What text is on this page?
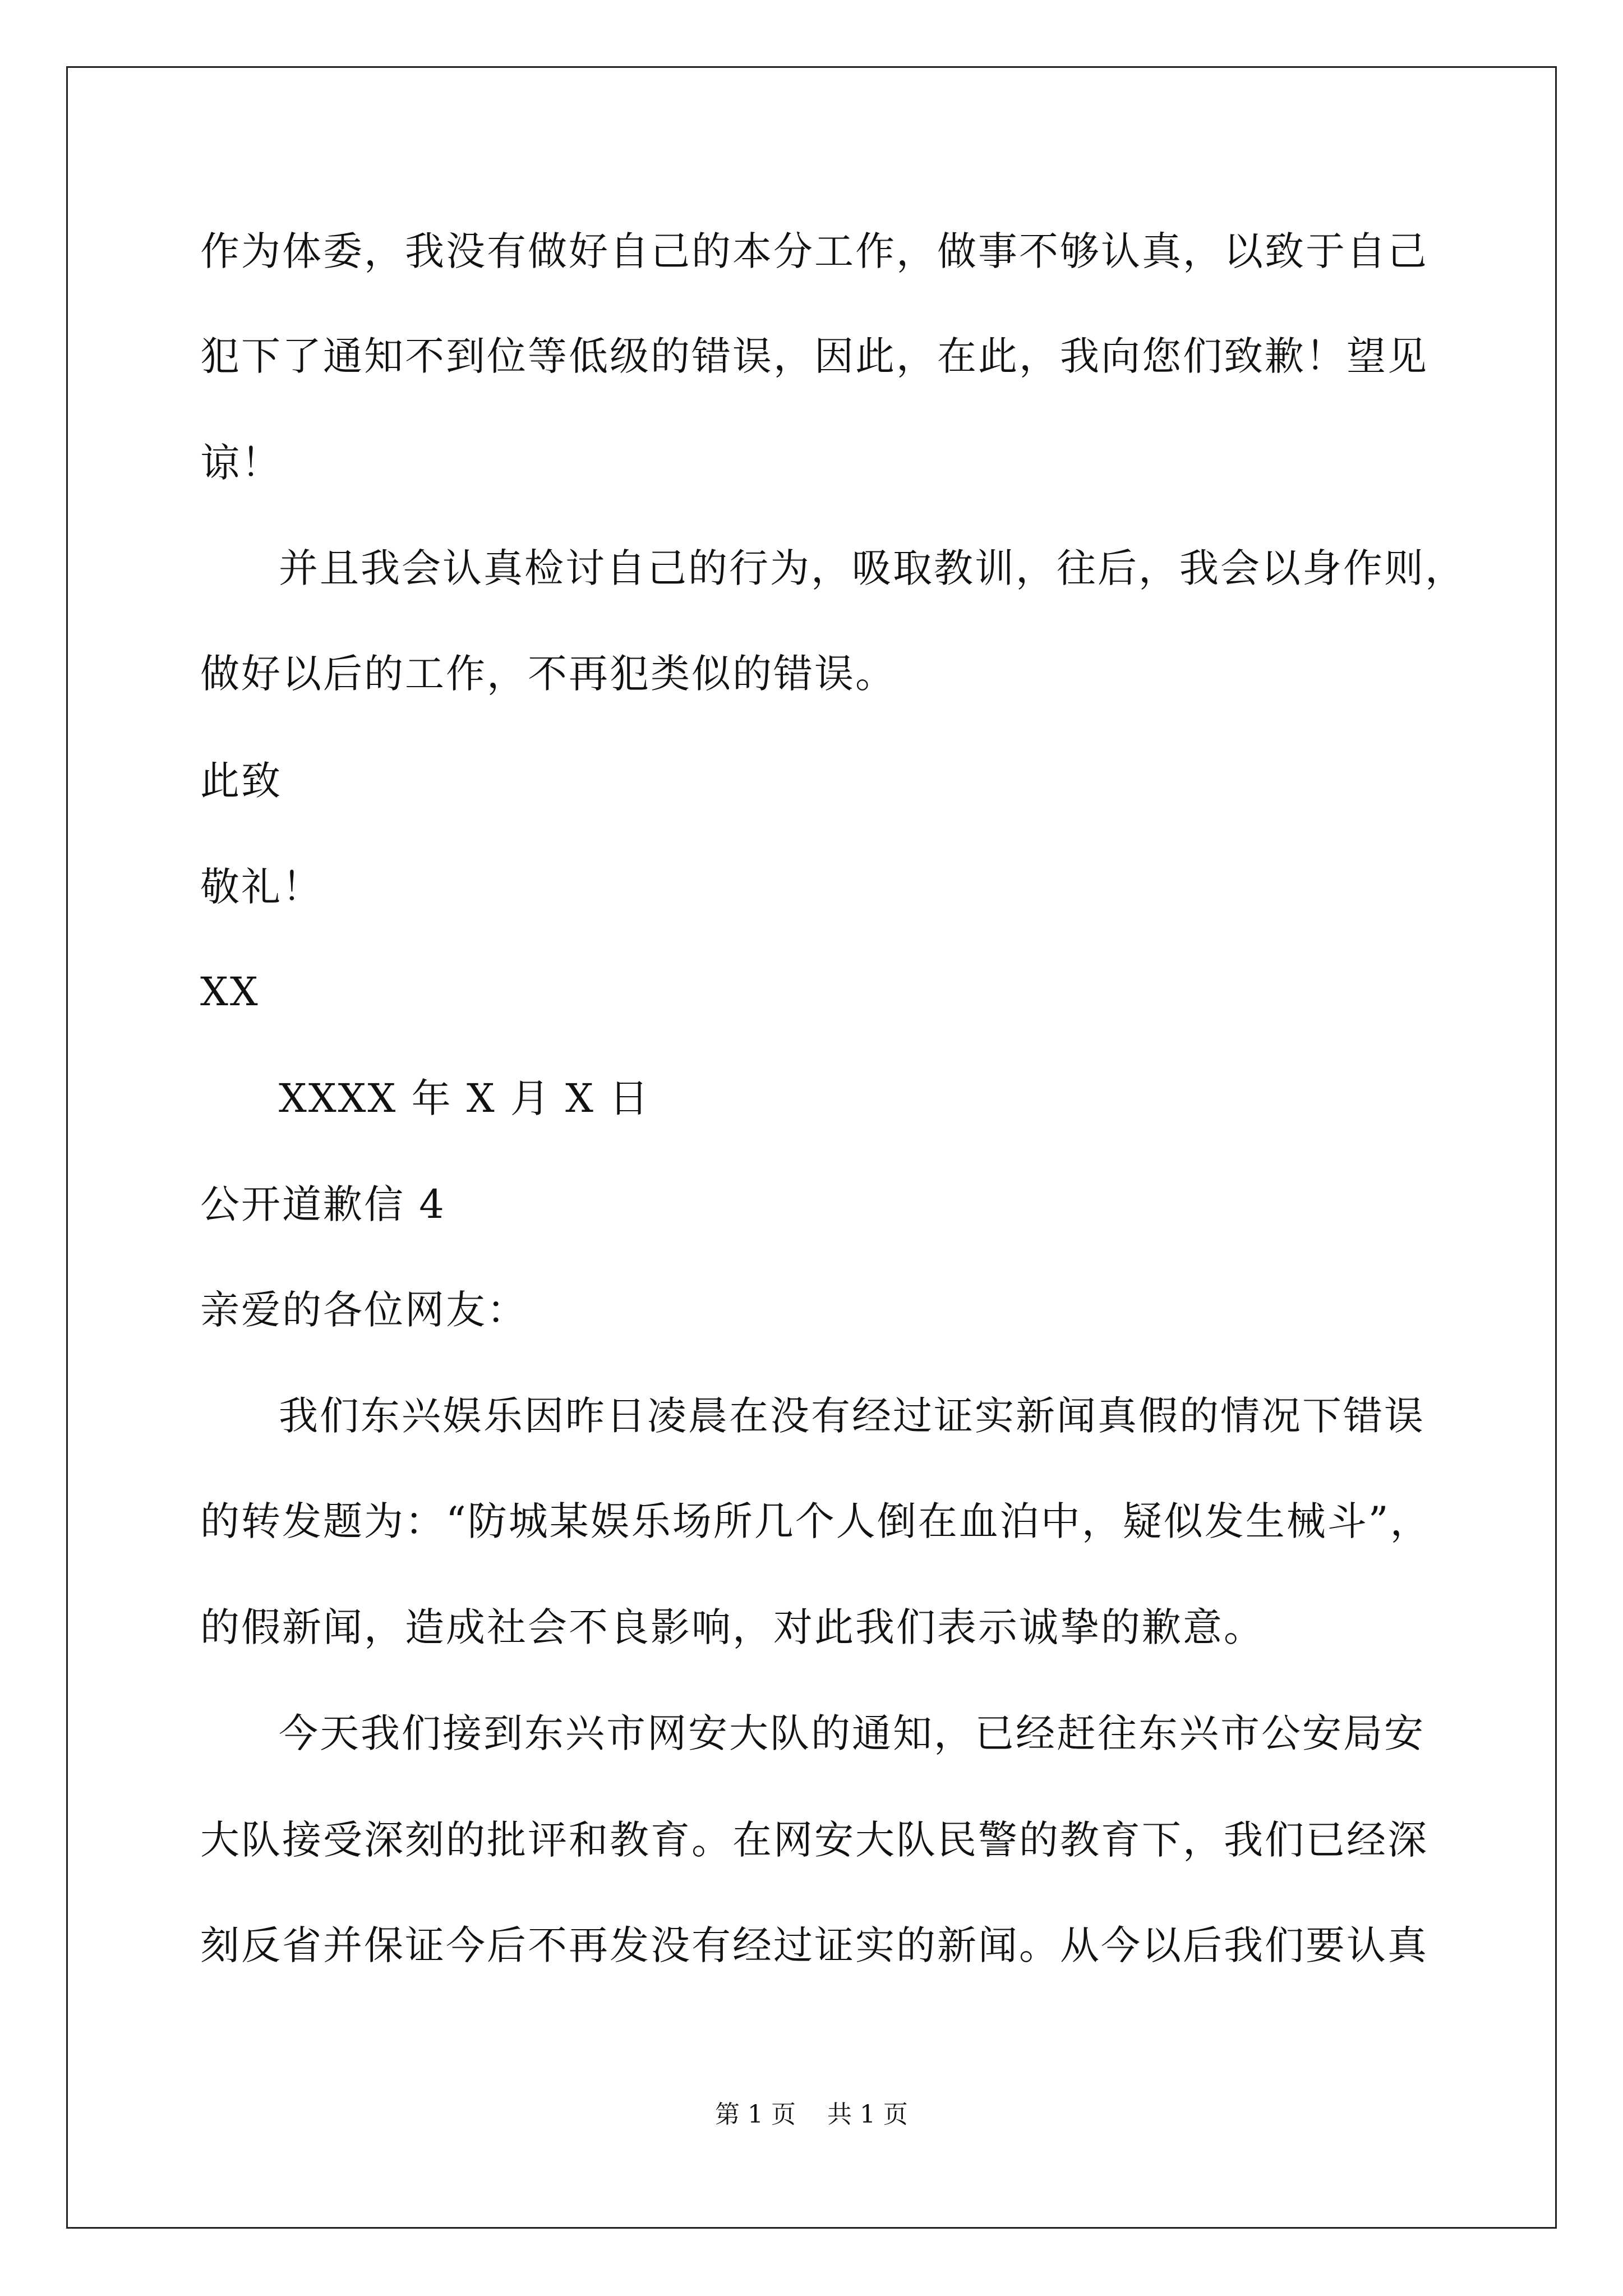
作为体委，我没有做好自己的本分工作，做事不够认真，以致于自己
犯下了通知不到位等低级的错误，因此，在此，我向您们致歉！望见
谅！
并且我会认真检讨自己的行为，吸取教训，往后，我会以身作则，
做好以后的工作，不再犯类似的错误。
此致
敬礼！
XX
XXXX 年 X 月 X 日
公开道歉信 4
亲爱的各位网友：
我们东兴娱乐因昨日凌晨在没有经过证实新闻真假的情况下错误
的转发题为：“防城某娱乐场所几个人倒在血泊中，疑似发生械斗”，
的假新闻，造成社会不良影响，对此我们表示诚挚的歉意。
今天我们接到东兴市网安大队的通知，已经赶往东兴市公安局安
大队接受深刻的批评和教育。在网安大队民警的教育下，我们已经深
刻反省并保证今后不再发没有经过证实的新闻。从今以后我们要认真
第 1 页    共 1 页
